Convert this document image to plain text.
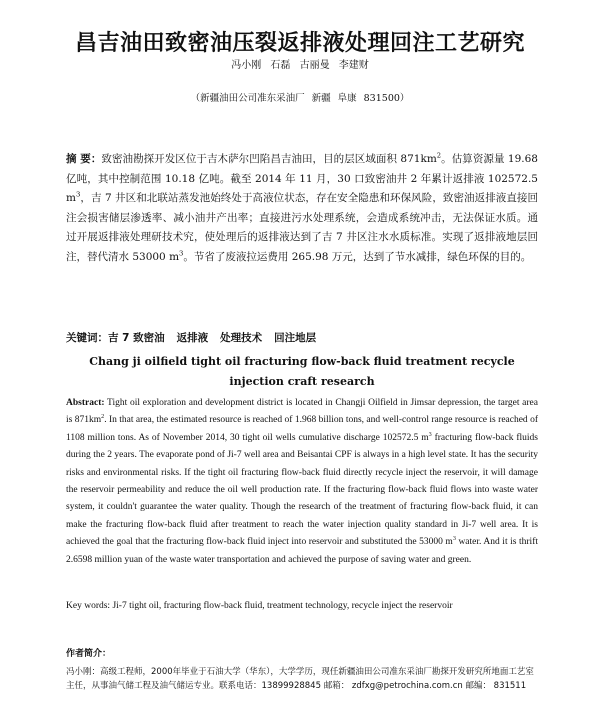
昌吉油田致密油压裂返排液处理回注工艺研究
冯小刚 石磊 古丽曼 李建财
（新疆油田公司准东采油厂 新疆 阜康 831500）
摘 要：致密油勘探开发区位于吉木萨尔凹陷昌吉油田，目的层区域面积 $871km^2$。估算资源量 19.68 亿吨，其中控制范围 10.18 亿吨。截至 2014 年 11 月，30 口致密油井 2 年累计返排液 102572.5 $m^3$，吉 7 井区和北联站蒸发池始终处于高液位状态，存在安全隐患和环保风险，致密油返排液直接回注会损害储层渗透率、减小油井产出率；直接进污水处理系统，会造成系统冲击，无法保证水质。通过开展返排液处理研技术究，使处理后的返排液达到了吉 7 井区注水水质标准。实现了返排液地层回注，替代清水 53000 $m^3$。节省了废液拉运费用 265.98 万元，达到了节水减排，绿色环保的目的。
关键词：吉 7 致密油 返排液 处理技术 回注地层
Chang ji oilfield tight oil fracturing flow-back fluid treatment recycle injection craft research
Abstract: Tight oil exploration and development district is located in Changji Oilfield in Jimsar depression, the target area is $871km^2$. In that area, the estimated resource is reached of 1.968 billion tons, and well-control range resource is reached of 1108 million tons. As of November 2014, 30 tight oil wells cumulative discharge 102572.5 $m^3$ fracturing flow-back fluids during the 2 years. The evaporate pond of Ji-7 well area and Beisantai CPF is always in a high level state. It has the security risks and environmental risks. If the tight oil fracturing flow-back fluid directly recycle inject the reservoir, it will damage the reservoir permeability and reduce the oil well production rate. If the fracturing flow-back fluid flows into waste water system, it couldn't guarantee the water quality. Though the research of the treatment of fracturing flow-back fluid, it can make the fracturing flow-back fluid after treatment to reach the water injection quality standard in Ji-7 well area. It is achieved the goal that the fracturing flow-back fluid inject into reservoir and substituted the 53000 $m^3$ water. And it is thrift 2.6598 million yuan of the waste water transportation and achieved the purpose of saving water and green.
Key words: Ji-7 tight oil, fracturing flow-back fluid, treatment technology, recycle inject the reservoir
作者简介：
冯小刚：高级工程师，2000年毕业于石油大学（华东），大学学历，现任新疆油田公司准东采油厂勘探开发研究所地面工艺室主任，从事油气储工程及油气储运专业。联系电话：13899928845 邮箱： zdfxg@petrochina.com.cn 邮编： 831511
